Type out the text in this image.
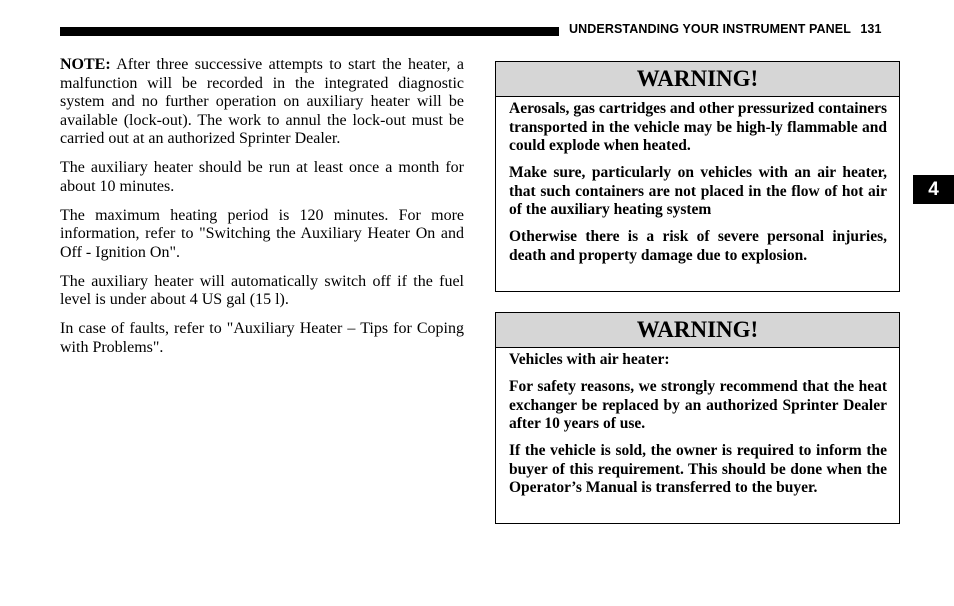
UNDERSTANDING YOUR INSTRUMENT PANEL 131
4

NOTE: After three successive attempts to start the heater, a malfunction will be recorded in the integrated diagnostic system and no further operation on auxiliary heater will be available (lock-out). The work to annul the lock-out must be carried out at an authorized Sprinter Dealer.

The auxiliary heater should be run at least once a month for about 10 minutes.

The maximum heating period is 120 minutes. For more information, refer to "Switching the Auxiliary Heater On and Off - Ignition On".

The auxiliary heater will automatically switch off if the fuel level is under about 4 US gal (15 l).

In case of faults, refer to "Auxiliary Heater – Tips for Coping with Problems".

WARNING!

Aerosals, gas cartridges and other pressurized containers transported in the vehicle may be high-ly flammable and could explode when heated.

Make sure, particularly on vehicles with an air heater, that such containers are not placed in the flow of hot air of the auxiliary heating system

Otherwise there is a risk of severe personal injuries, death and property damage due to explosion.

WARNING!

Vehicles with air heater:

For safety reasons, we strongly recommend that the heat exchanger be replaced by an authorized Sprinter Dealer after 10 years of use.

If the vehicle is sold, the owner is required to inform the buyer of this requirement. This should be done when the Operator’s Manual is transferred to the buyer.
